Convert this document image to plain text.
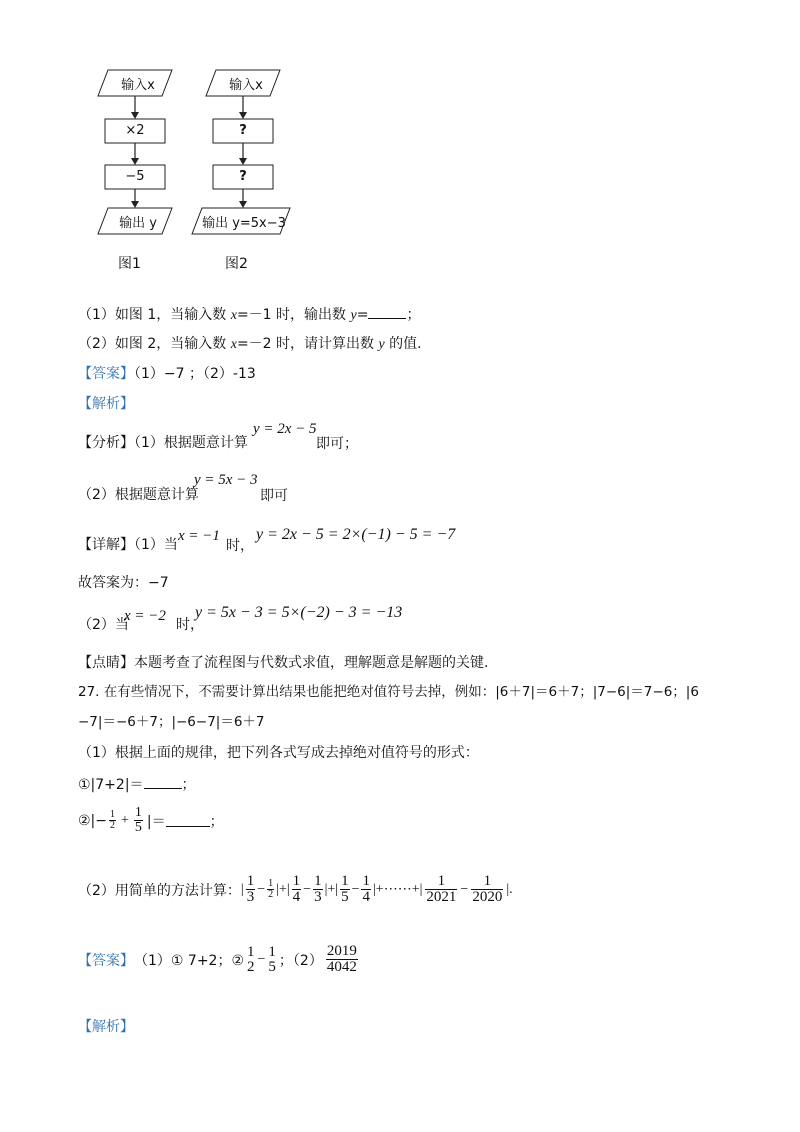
输入x
×2
−5
输出 y
图1
输入x
?
?
输出 y=5x−3
图2
（1）如图 1，当输入数 x=－1 时，输出数 y=	；
（2）如图 2，当输入数 x=－2 时，请计算出数 y 的值.
【答案】（1）−7 ；（2）-13
【解析】
【分析】（1）根据题意计算
y = 2x − 5
即可；
（2）根据题意计算
y = 5x − 3
即可
【详解】（1）当
x = −1
时，
y = 2x − 5 = 2×(−1) − 5 = −7
故答案为：−7
（2）当
x = −2
时，
y = 5x − 3 = 5×(−2) − 3 = −13
【点睛】本题考查了流程图与代数式求值，理解题意是解题的关键.
27. 在有些情况下，不需要计算出结果也能把绝对值符号去掉，例如：|6＋7|＝6＋7；|7−6|＝7−6；|6
−7|＝−6＋7；|−6−7|＝6＋7
（1）根据上面的规律，把下列各式写成去掉绝对值符号的形式：
①|7+2|＝	；
②|− $\frac{1}{2} + \frac{1}{5}$ |＝	；
（2）用简单的方法计算： | $\frac{1}{3} - \frac{1}{2}$ |+| $\frac{1}{4} - \frac{1}{3}$ |+| $\frac{1}{5} - \frac{1}{4}$ | +⋯⋯+ | $\frac{1}{2021} - \frac{1}{2020}$ | .
【答案】 （1）① 7+2；②
1
2 − 1
5 ；$(2) \frac{2019}{4042}$
【解析】
